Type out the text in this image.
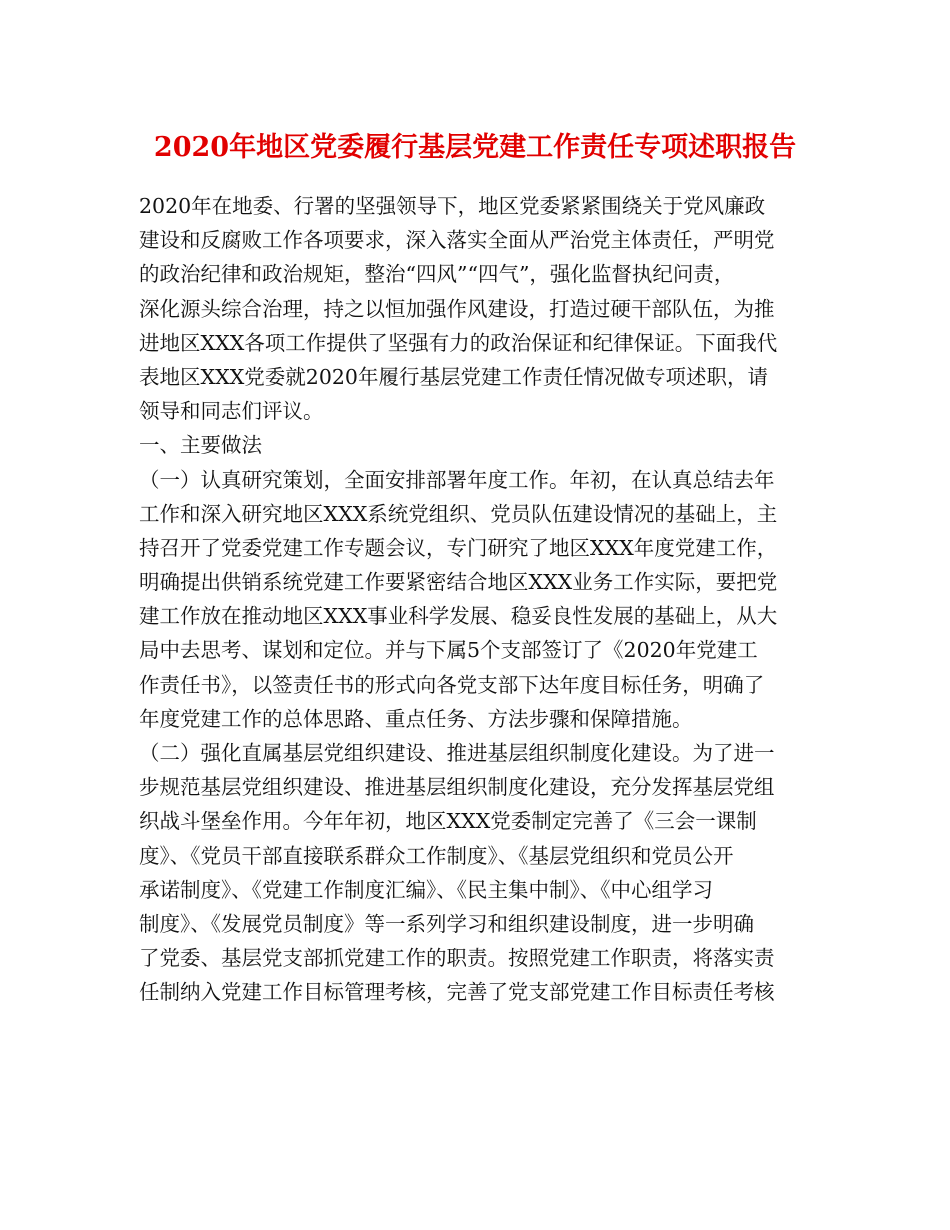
2020年地区党委履行基层党建工作责任专项述职报告
2020年在地委、行署的坚强领导下，地区党委紧紧围绕关于党风廉政
建设和反腐败工作各项要求，深入落实全面从严治党主体责任，严明党
的政治纪律和政治规矩，整治“四风”“四气”，强化监督执纪问责，
深化源头综合治理，持之以恒加强作风建设，打造过硬干部队伍，为推
进地区XXX各项工作提供了坚强有力的政治保证和纪律保证。下面我代
表地区XXX党委就2020年履行基层党建工作责任情况做专项述职，请
领导和同志们评议。
一、主要做法
（一）认真研究策划，全面安排部署年度工作。年初，在认真总结去年
工作和深入研究地区XXX系统党组织、党员队伍建设情况的基础上，主
持召开了党委党建工作专题会议，专门研究了地区XXX年度党建工作，
明确提出供销系统党建工作要紧密结合地区XXX业务工作实际，要把党
建工作放在推动地区XXX事业科学发展、稳妥良性发展的基础上，从大
局中去思考、谋划和定位。并与下属5个支部签订了《2020年党建工
作责任书》，以签责任书的形式向各党支部下达年度目标任务，明确了
年度党建工作的总体思路、重点任务、方法步骤和保障措施。
（二）强化直属基层党组织建设、推进基层组织制度化建设。为了进一
步规范基层党组织建设、推进基层组织制度化建设，充分发挥基层党组
织战斗堡垒作用。今年年初，地区XXX党委制定完善了《三会一课制
度》、《党员干部直接联系群众工作制度》、《基层党组织和党员公开
承诺制度》、《党建工作制度汇编》、《民主集中制》、《中心组学习
制度》、《发展党员制度》等一系列学习和组织建设制度，进一步明确
了党委、基层党支部抓党建工作的职责。按照党建工作职责，将落实责
任制纳入党建工作目标管理考核，完善了党支部党建工作目标责任考核
